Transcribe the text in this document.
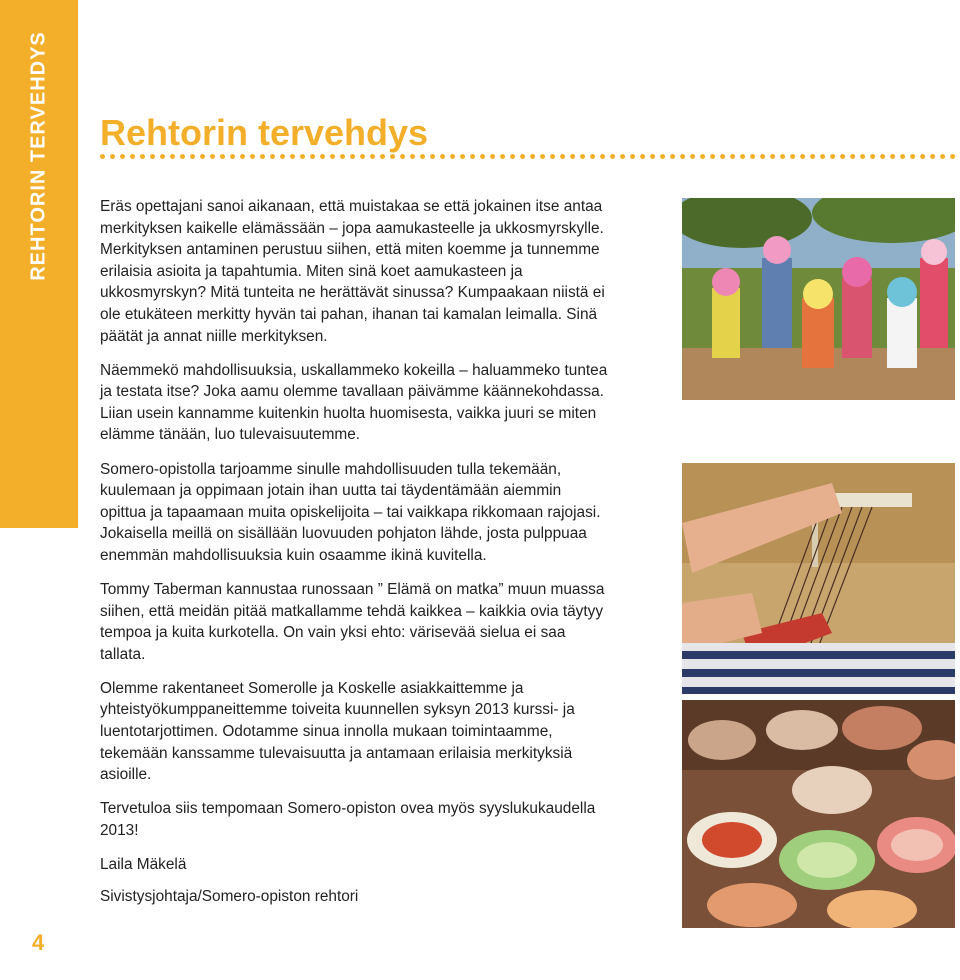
REHTORIN TERVEHDYS
4
Rehtorin tervehdys

Eräs opettajani sanoi aikanaan, että muistakaa se että jokainen itse antaa merkityksen kaikelle elämässään – jopa aamukasteelle ja ukkosmyrskylle. Merkityksen antaminen perustuu siihen, että miten koemme ja tunnemme erilaisia asioita ja tapahtumia. Miten sinä koet aamukasteen ja ukkosmyrskyn? Mitä tunteita ne herättävät sinussa? Kumpaakaan niistä ei ole etukäteen merkitty hyvän tai pahan, ihanan tai kamalan leimalla. Sinä päätät ja annat niille merkityksen.

Näemmekö mahdollisuuksia, uskallammeko kokeilla – haluammeko tuntea ja testata itse? Joka aamu olemme tavallaan päivämme käännekohdassa. Liian usein kannamme kuitenkin huolta huomisesta, vaikka juuri se miten elämme tänään, luo tulevaisuutemme.

Somero-opistolla tarjoamme sinulle mahdollisuuden tulla tekemään, kuulemaan ja oppimaan jotain ihan uutta tai täydentämään aiemmin opittua ja tapaamaan muita opiskelijoita – tai vaikkapa rikkomaan rajojasi. Jokaisella meillä on sisällään luovuuden pohjaton lähde, josta pulppuaa enemmän mahdollisuuksia kuin osaamme ikinä kuvitella.

Tommy Taberman kannustaa runossaan ” Elämä on matka” muun muassa siihen, että meidän pitää matkallamme tehdä kaikkea – kaikkia ovia täytyy tempoa ja kuita kurkotella. On vain yksi ehto: värisevää sielua ei saa tallata.

Olemme rakentaneet Somerolle ja Koskelle asiakkaittemme ja yhteistyökumppaneittemme toiveita kuunnellen syksyn 2013 kurssi- ja luentotarjottimen. Odotamme sinua innolla mukaan toimintaamme, tekemään kanssamme tulevaisuutta ja antamaan erilaisia merkityksiä asioille.

Tervetuloa siis tempomaan Somero-opiston ovea myös syyslukukaudella 2013!

Laila Mäkelä

Sivistysjohtaja/Somero-opiston rehtori
